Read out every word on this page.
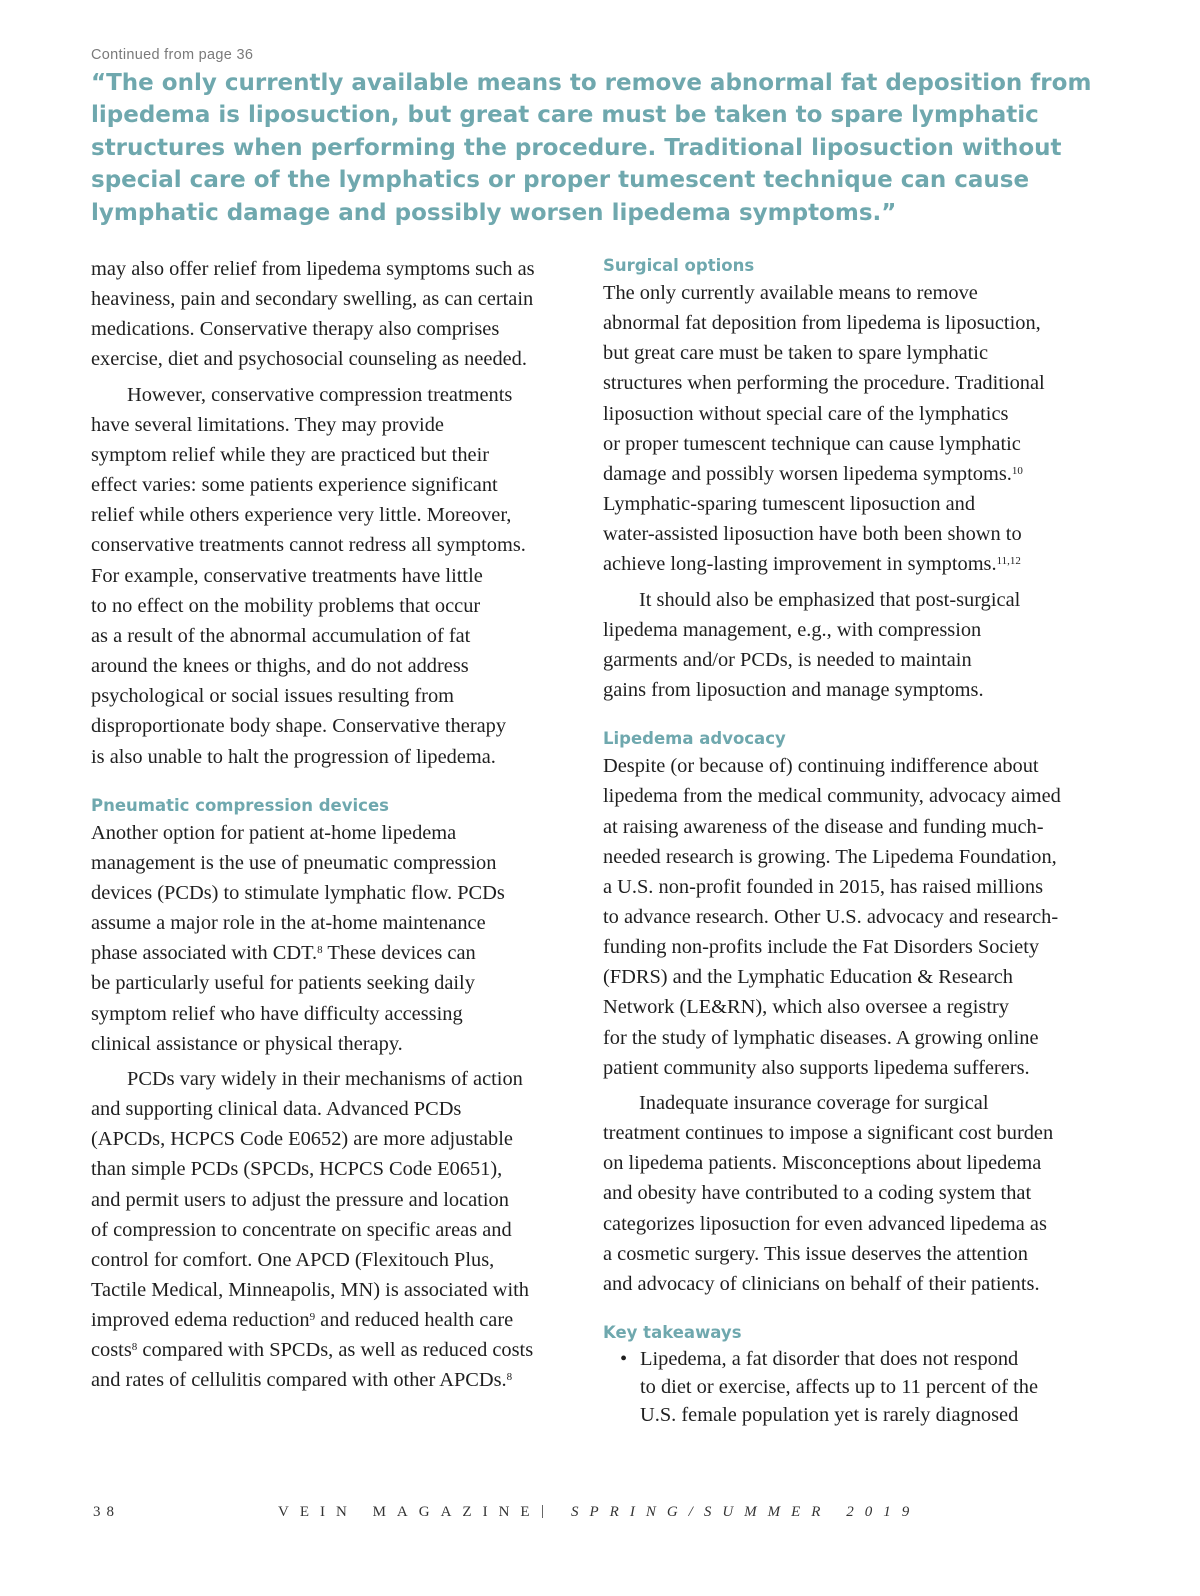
Continued from page 36
“The only currently available means to remove abnormal fat deposition from
lipedema is liposuction, but great care must be taken to spare lymphatic
structures when performing the procedure. Traditional liposuction without
special care of the lymphatics or proper tumescent technique can cause
lymphatic damage and possibly worsen lipedema symptoms.”

may also offer relief from lipedema symptoms such as
heaviness, pain and secondary swelling, as can certain
medications. Conservative therapy also comprises
exercise, diet and psychosocial counseling as needed.

However, conservative compression treatments
have several limitations. They may provide
symptom relief while they are practiced but their
effect varies: some patients experience significant
relief while others experience very little. Moreover,
conservative treatments cannot redress all symptoms.
For example, conservative treatments have little
to no effect on the mobility problems that occur
as a result of the abnormal accumulation of fat
around the knees or thighs, and do not address
psychological or social issues resulting from
disproportionate body shape. Conservative therapy
is also unable to halt the progression of lipedema.

Pneumatic compression devices

Another option for patient at-home lipedema
management is the use of pneumatic compression
devices (PCDs) to stimulate lymphatic flow. PCDs
assume a major role in the at-home maintenance
phase associated with CDT.$^8$ These devices can
be particularly useful for patients seeking daily
symptom relief who have difficulty accessing
clinical assistance or physical therapy.

PCDs vary widely in their mechanisms of action
and supporting clinical data. Advanced PCDs
(APCDs, HCPCS Code E0652) are more adjustable
than simple PCDs (SPCDs, HCPCS Code E0651),
and permit users to adjust the pressure and location
of compression to concentrate on specific areas and
control for comfort. One APCD (Flexitouch Plus,
Tactile Medical, Minneapolis, MN) is associated with
improved edema reduction$^9$ and reduced health care
costs$^8$ compared with SPCDs, as well as reduced costs
and rates of cellulitis compared with other APCDs.$^8$

Surgical options

The only currently available means to remove
abnormal fat deposition from lipedema is liposuction,
but great care must be taken to spare lymphatic
structures when performing the procedure. Traditional
liposuction without special care of the lymphatics
or proper tumescent technique can cause lymphatic
damage and possibly worsen lipedema symptoms.$^{10}$
Lymphatic-sparing tumescent liposuction and
water-assisted liposuction have both been shown to
achieve long-lasting improvement in symptoms.$^{11,12}$

It should also be emphasized that post-surgical
lipedema management, e.g., with compression
garments and/or PCDs, is needed to maintain
gains from liposuction and manage symptoms.

Lipedema advocacy

Despite (or because of) continuing indifference about
lipedema from the medical community, advocacy aimed
at raising awareness of the disease and funding much-
needed research is growing. The Lipedema Foundation,
a U.S. non-profit founded in 2015, has raised millions
to advance research. Other U.S. advocacy and research-
funding non-profits include the Fat Disorders Society
(FDRS) and the Lymphatic Education & Research
Network (LE&RN), which also oversee a registry
for the study of lymphatic diseases. A growing online
patient community also supports lipedema sufferers.

Inadequate insurance coverage for surgical
treatment continues to impose a significant cost burden
on lipedema patients. Misconceptions about lipedema
and obesity have contributed to a coding system that
categorizes liposuction for even advanced lipedema as
a cosmetic surgery. This issue deserves the attention
and advocacy of clinicians on behalf of their patients.

Key takeaways
• Lipedema, a fat disorder that does not respond
to diet or exercise, affects up to 11 percent of the
U.S. female population yet is rarely diagnosed
38	VEIN MAGAZINE | SPRING/SUMMER 2019
